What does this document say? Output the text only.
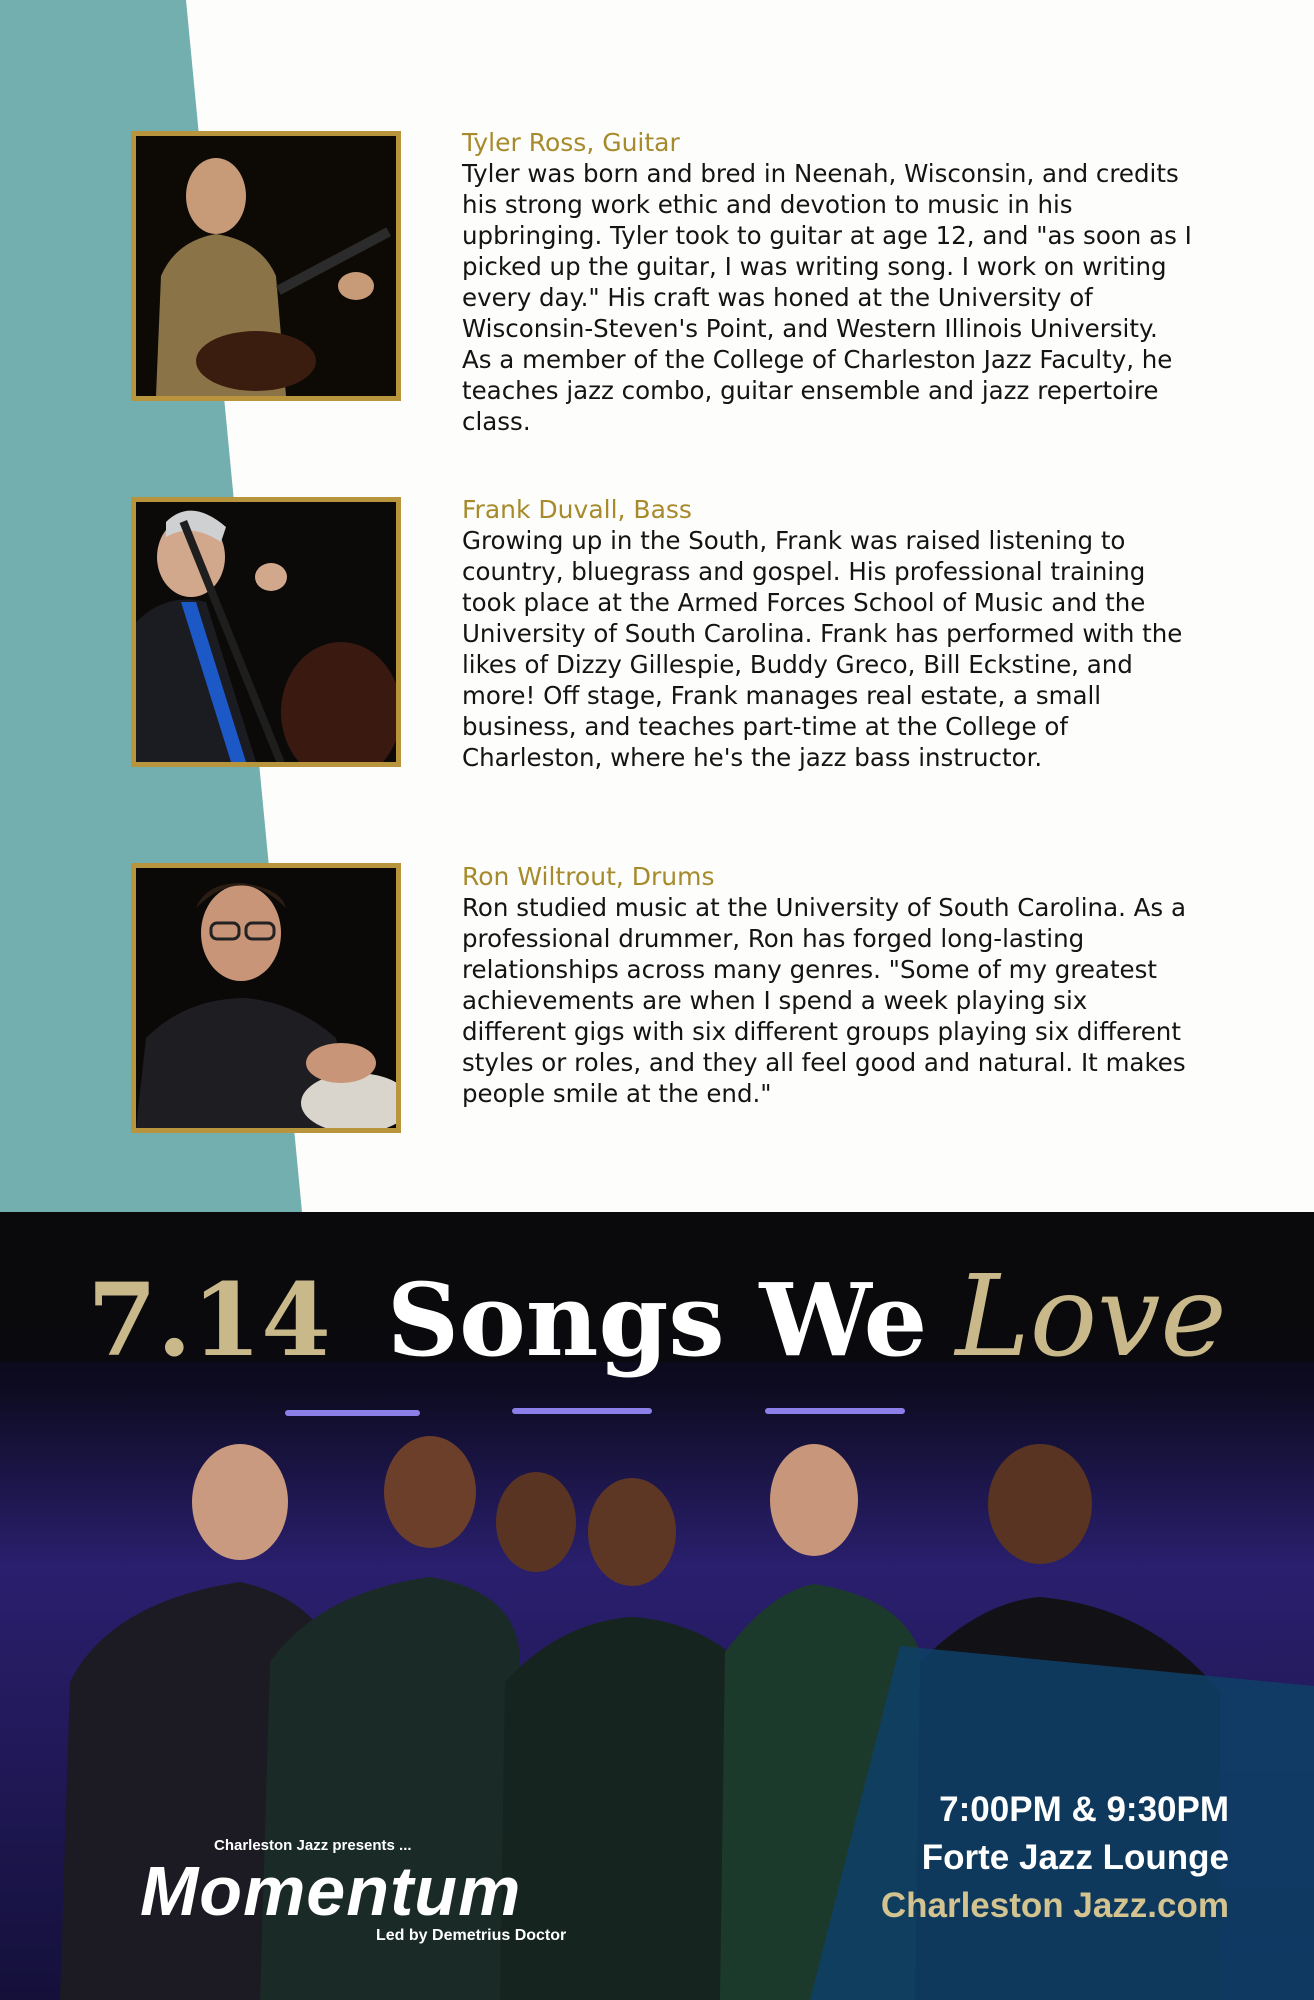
Tyler Ross, Guitar

Tyler was born and bred in Neenah, Wisconsin, and credits his strong work ethic and devotion to music in his upbringing. Tyler took to guitar at age 12, and "as soon as I picked up the guitar, I was writing song. I work on writing every day." His craft was honed at the University of Wisconsin-Steven's Point, and Western Illinois University. As a member of the College of Charleston Jazz Faculty, he teaches jazz combo, guitar ensemble and jazz repertoire class.

Frank Duvall, Bass

Growing up in the South, Frank was raised listening to country, bluegrass and gospel. His professional training took place at the Armed Forces School of Music and the University of South Carolina. Frank has performed with the likes of Dizzy Gillespie, Buddy Greco, Bill Eckstine, and more! Off stage, Frank manages real estate, a small business, and teaches part-time at the College of Charleston, where he's the jazz bass instructor.

Ron Wiltrout, Drums

Ron studied music at the University of South Carolina. As a professional drummer, Ron has forged long-lasting relationships across many genres. "Some of my greatest achievements are when I spend a week playing six different gigs with six different groups playing six different styles or roles, and they all feel good and natural. It makes people smile at the end."

7.14 Songs We Love
Charleston Jazz presents ...
Momentum
Led by Demetrius Doctor
7:00PM & 9:30PM
Forte Jazz Lounge
Charleston Jazz.com
